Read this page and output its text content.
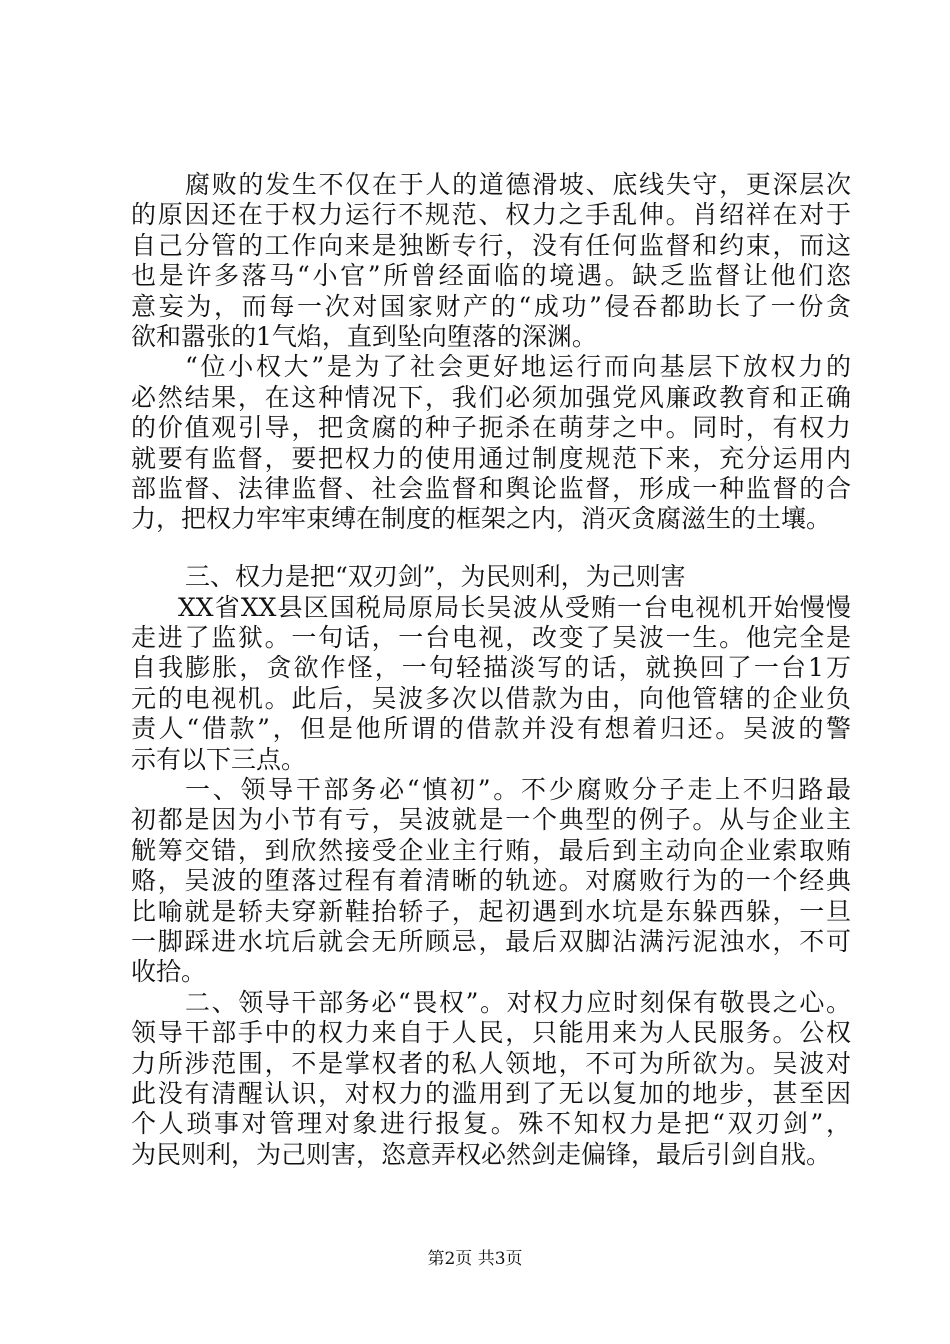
腐败的发生不仅在于人的道德滑坡、底线失守，更深层次
的原因还在于权力运行不规范、权力之手乱伸。肖绍祥在对于
自己分管的工作向来是独断专行，没有任何监督和约束，而这
也是许多落马“小官”所曾经面临的境遇。缺乏监督让他们恣
意妄为，而每一次对国家财产的“成功”侵吞都助长了一份贪
欲和嚣张的1气焰，直到坠向堕落的深渊。
“位小权大”是为了社会更好地运行而向基层下放权力的
必然结果，在这种情况下，我们必须加强党风廉政教育和正确
的价值观引导，把贪腐的种子扼杀在萌芽之中。同时，有权力
就要有监督，要把权力的使用通过制度规范下来，充分运用内
部监督、法律监督、社会监督和舆论监督，形成一种监督的合
力，把权力牢牢束缚在制度的框架之内，消灭贪腐滋生的土壤。
三、权力是把“双刃剑”，为民则利，为己则害
XX省XX县区国税局原局长吴波从受贿一台电视机开始慢慢
走进了监狱。一句话，一台电视，改变了吴波一生。他完全是
自我膨胀，贪欲作怪，一句轻描淡写的话，就换回了一台1万
元的电视机。此后，吴波多次以借款为由，向他管辖的企业负
责人“借款”，但是他所谓的借款并没有想着归还。吴波的警
示有以下三点。
一、领导干部务必“慎初”。不少腐败分子走上不归路最
初都是因为小节有亏，吴波就是一个典型的例子。从与企业主
觥筹交错，到欣然接受企业主行贿，最后到主动向企业索取贿
赂，吴波的堕落过程有着清晰的轨迹。对腐败行为的一个经典
比喻就是轿夫穿新鞋抬轿子，起初遇到水坑是东躲西躲，一旦
一脚踩进水坑后就会无所顾忌，最后双脚沾满污泥浊水，不可
收拾。
二、领导干部务必“畏权”。对权力应时刻保有敬畏之心。
领导干部手中的权力来自于人民，只能用来为人民服务。公权
力所涉范围，不是掌权者的私人领地，不可为所欲为。吴波对
此没有清醒认识，对权力的滥用到了无以复加的地步，甚至因
个人琐事对管理对象进行报复。殊不知权力是把“双刃剑”，
为民则利，为己则害，恣意弄权必然剑走偏锋，最后引剑自戕。
第2页 共3页
